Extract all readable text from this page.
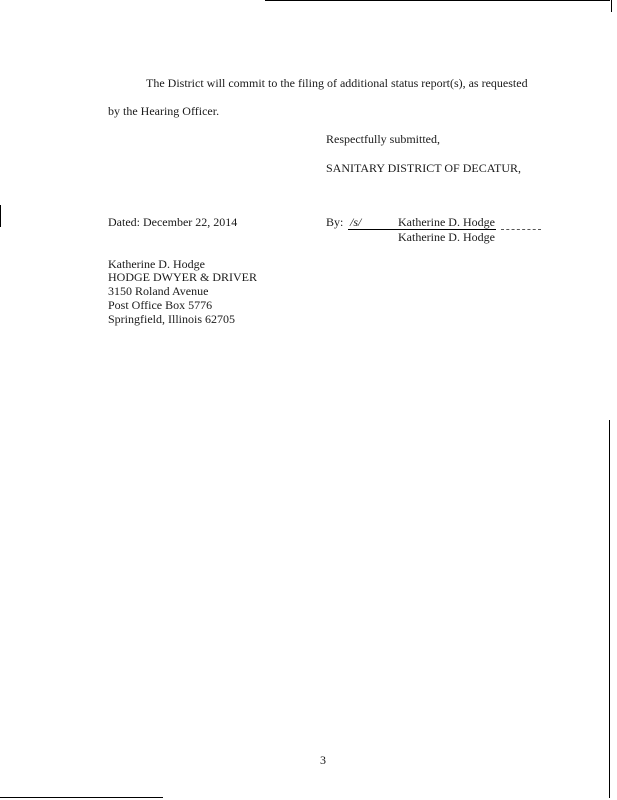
The District will commit to the filing of additional status report(s), as requested
by the Hearing Officer.
Respectfully submitted,
SANITARY DISTRICT OF DECATUR,
Dated: December 22, 2014	By: /s/	Katherine D. Hodge
Katherine D. Hodge
Katherine D. Hodge
HODGE DWYER & DRIVER
3150 Roland Avenue
Post Office Box 5776
Springfield, Illinois 62705
3
